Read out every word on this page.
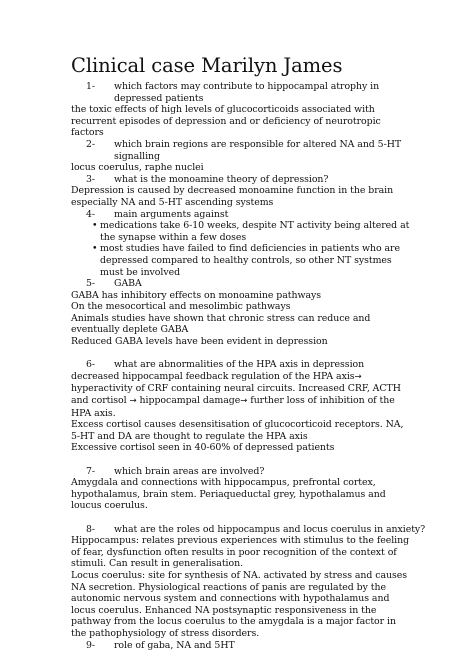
Clinical case Marilyn James
1- which factors may contribute to hippocampal atrophy in depressed patients
the toxic effects of high levels of glucocorticoids associated with recurrent episodes of depression and or deficiency of neurotropic factors
2- which brain regions are responsible for altered NA and 5-HT signalling
locus coerulus, raphe nuclei
3- what is the monoamine theory of depression?
Depression is caused by decreased monoamine function in the brain especially NA and 5-HT ascending systems
4- main arguments against
• medications take 6-10 weeks, despite NT activity being altered at the synapse within a few doses
• most studies have failed to find deficiencies in patients who are depressed compared to healthy controls, so other NT systmes must be involved
5- GABA
GABA has inhibitory effects on monoamine pathways
On the mesocortical and mesolimbic pathways
Animals studies have shown that chronic stress can reduce and eventually deplete GABA
Reduced GABA levels have been evident in depression
6- what are abnormalities of the HPA axis in depression
decreased hippocampal feedback regulation of the HPA axis→ hyperactivity of CRF containing neural circuits. Increased CRF, ACTH and cortisol → hippocampal damage→ further loss of inhibition of the HPA axis.
Excess cortisol causes desensitisation of glucocorticoid receptors. NA, 5-HT and DA are thought to regulate the HPA axis
Excessive cortisol seen in 40-60% of depressed patients
7- which brain areas are involved?
Amygdala and connections with hippocampus, prefrontal cortex, hypothalamus, brain stem. Periaqueductal grey, hypothalamus and loucus coerulus.
8- what are the roles od hippocampus and locus coerulus in anxiety?
Hippocampus: relates previous experiences with stimulus to the feeling of fear, dysfunction often results in poor recognition of the context of stimuli. Can result in generalisation.
Locus coerulus: site for synthesis of NA. activated by stress and causes NA secretion. Physiological reactions of panis are regulated by the autonomic nervous system and connections with hypothalamus and locus coerulus. Enhanced NA postsynaptic responsiveness in the pathway from the locus coerulus to the amygdala is a major factor in the pathophysiology of stress disorders.
9- role of gaba, NA and 5HT
